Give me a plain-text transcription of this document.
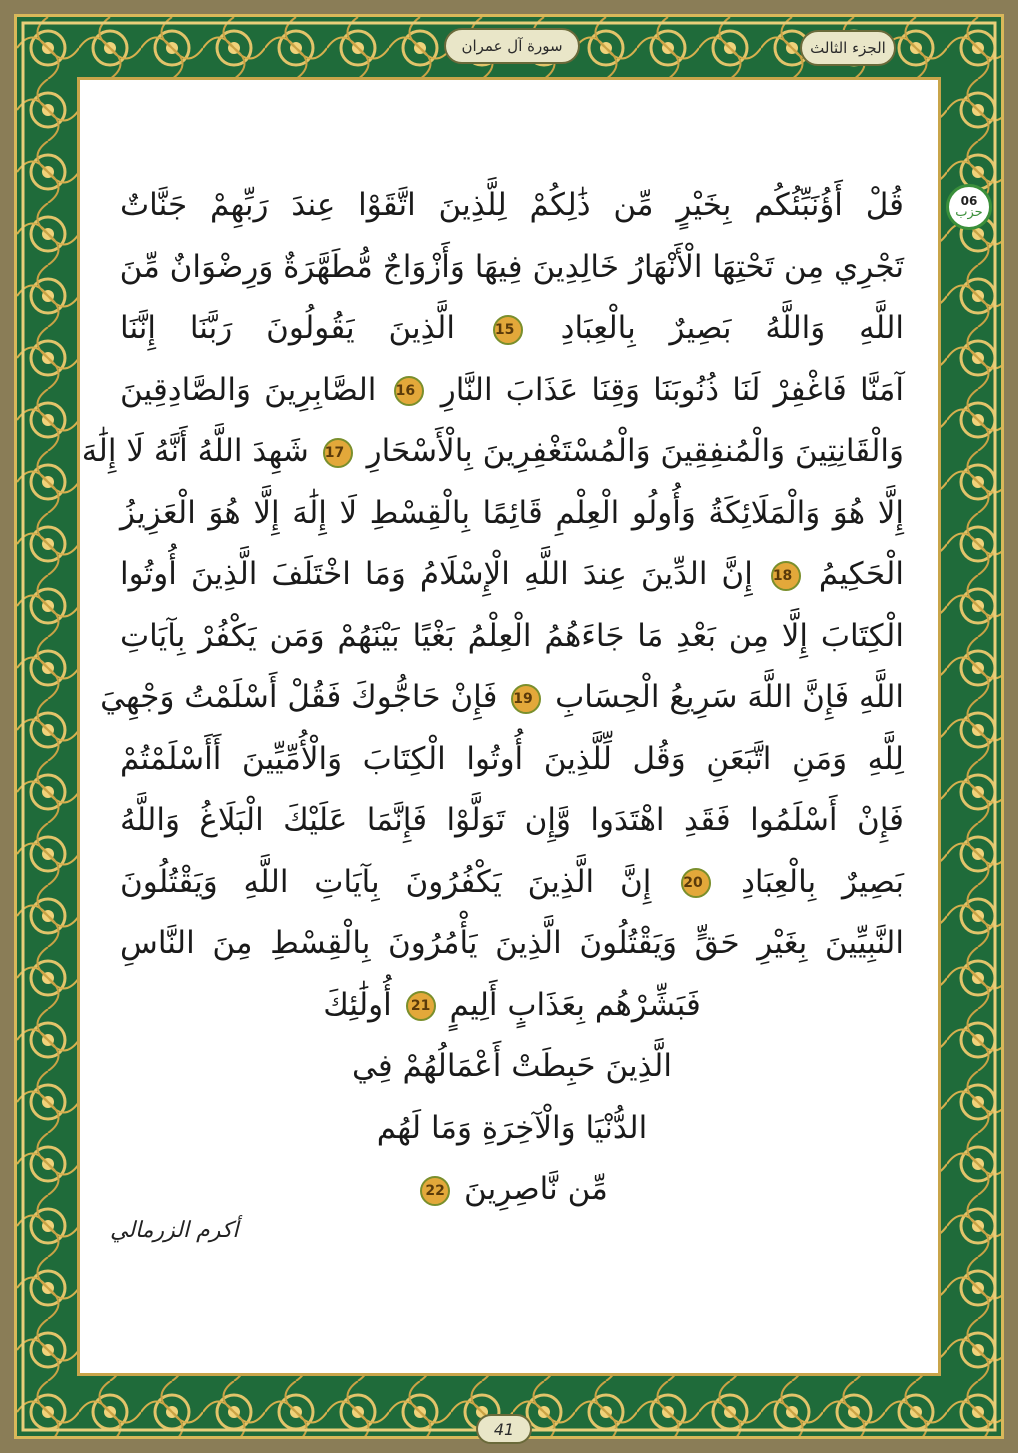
قُلْ أَؤُنَبِّئُكُم بِخَيْرٍ مِّن ذَٰلِكُمْ لِلَّذِينَ اتَّقَوْا عِندَ رَبِّهِمْ جَنَّاتٌ
تَجْرِي مِن تَحْتِهَا الْأَنْهَارُ خَالِدِينَ فِيهَا وَأَزْوَاجٌ مُّطَهَّرَةٌ وَرِضْوَانٌ مِّنَ
اللَّهِ وَاللَّهُ بَصِيرٌ بِالْعِبَادِ 15 الَّذِينَ يَقُولُونَ رَبَّنَا إِنَّنَا
آمَنَّا فَاغْفِرْ لَنَا ذُنُوبَنَا وَقِنَا عَذَابَ النَّارِ 16 الصَّابِرِينَ وَالصَّادِقِينَ
وَالْقَانِتِينَ وَالْمُنفِقِينَ وَالْمُسْتَغْفِرِينَ بِالْأَسْحَارِ 17 شَهِدَ اللَّهُ أَنَّهُ لَا إِلَٰهَ
إِلَّا هُوَ وَالْمَلَائِكَةُ وَأُولُو الْعِلْمِ قَائِمًا بِالْقِسْطِ لَا إِلَٰهَ إِلَّا هُوَ الْعَزِيزُ
الْحَكِيمُ 18 إِنَّ الدِّينَ عِندَ اللَّهِ الْإِسْلَامُ وَمَا اخْتَلَفَ الَّذِينَ أُوتُوا
الْكِتَابَ إِلَّا مِن بَعْدِ مَا جَاءَهُمُ الْعِلْمُ بَغْيًا بَيْنَهُمْ وَمَن يَكْفُرْ بِآيَاتِ
اللَّهِ فَإِنَّ اللَّهَ سَرِيعُ الْحِسَابِ 19 فَإِنْ حَاجُّوكَ فَقُلْ أَسْلَمْتُ وَجْهِيَ
لِلَّهِ وَمَنِ اتَّبَعَنِ وَقُل لِّلَّذِينَ أُوتُوا الْكِتَابَ وَالْأُمِّيِّينَ أَأَسْلَمْتُمْ
فَإِنْ أَسْلَمُوا فَقَدِ اهْتَدَوا وَّإِن تَوَلَّوْا فَإِنَّمَا عَلَيْكَ الْبَلَاغُ وَاللَّهُ
بَصِيرٌ بِالْعِبَادِ 20 إِنَّ الَّذِينَ يَكْفُرُونَ بِآيَاتِ اللَّهِ وَيَقْتُلُونَ
النَّبِيِّينَ بِغَيْرِ حَقٍّ وَيَقْتُلُونَ الَّذِينَ يَأْمُرُونَ بِالْقِسْطِ مِنَ النَّاسِ
فَبَشِّرْهُم بِعَذَابٍ أَلِيمٍ 21 أُولَٰئِكَ
الَّذِينَ حَبِطَتْ أَعْمَالُهُمْ فِي
الدُّنْيَا وَالْآخِرَةِ وَمَا لَهُم
مِّن نَّاصِرِينَ 22
الجزء الثالث
سورة آل عمران
41
06
حزب
أكرم الزرمالي
